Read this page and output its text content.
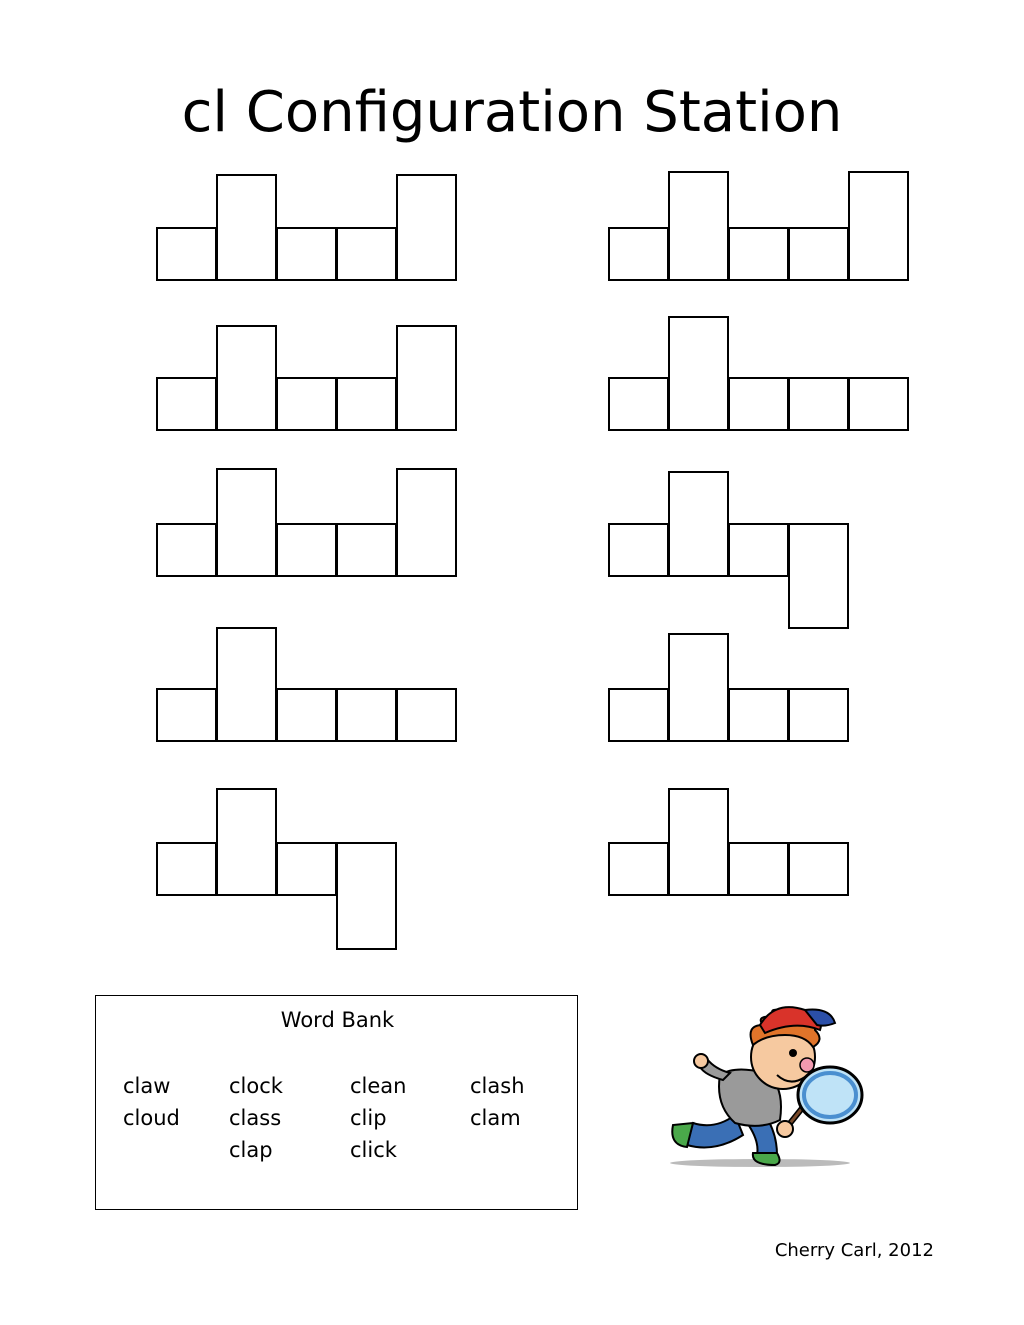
cl Configuration Station
Word Bank
claw
cloud
clock
class
clap
clean
clip
click
clash
clam
Cherry Carl, 2012
